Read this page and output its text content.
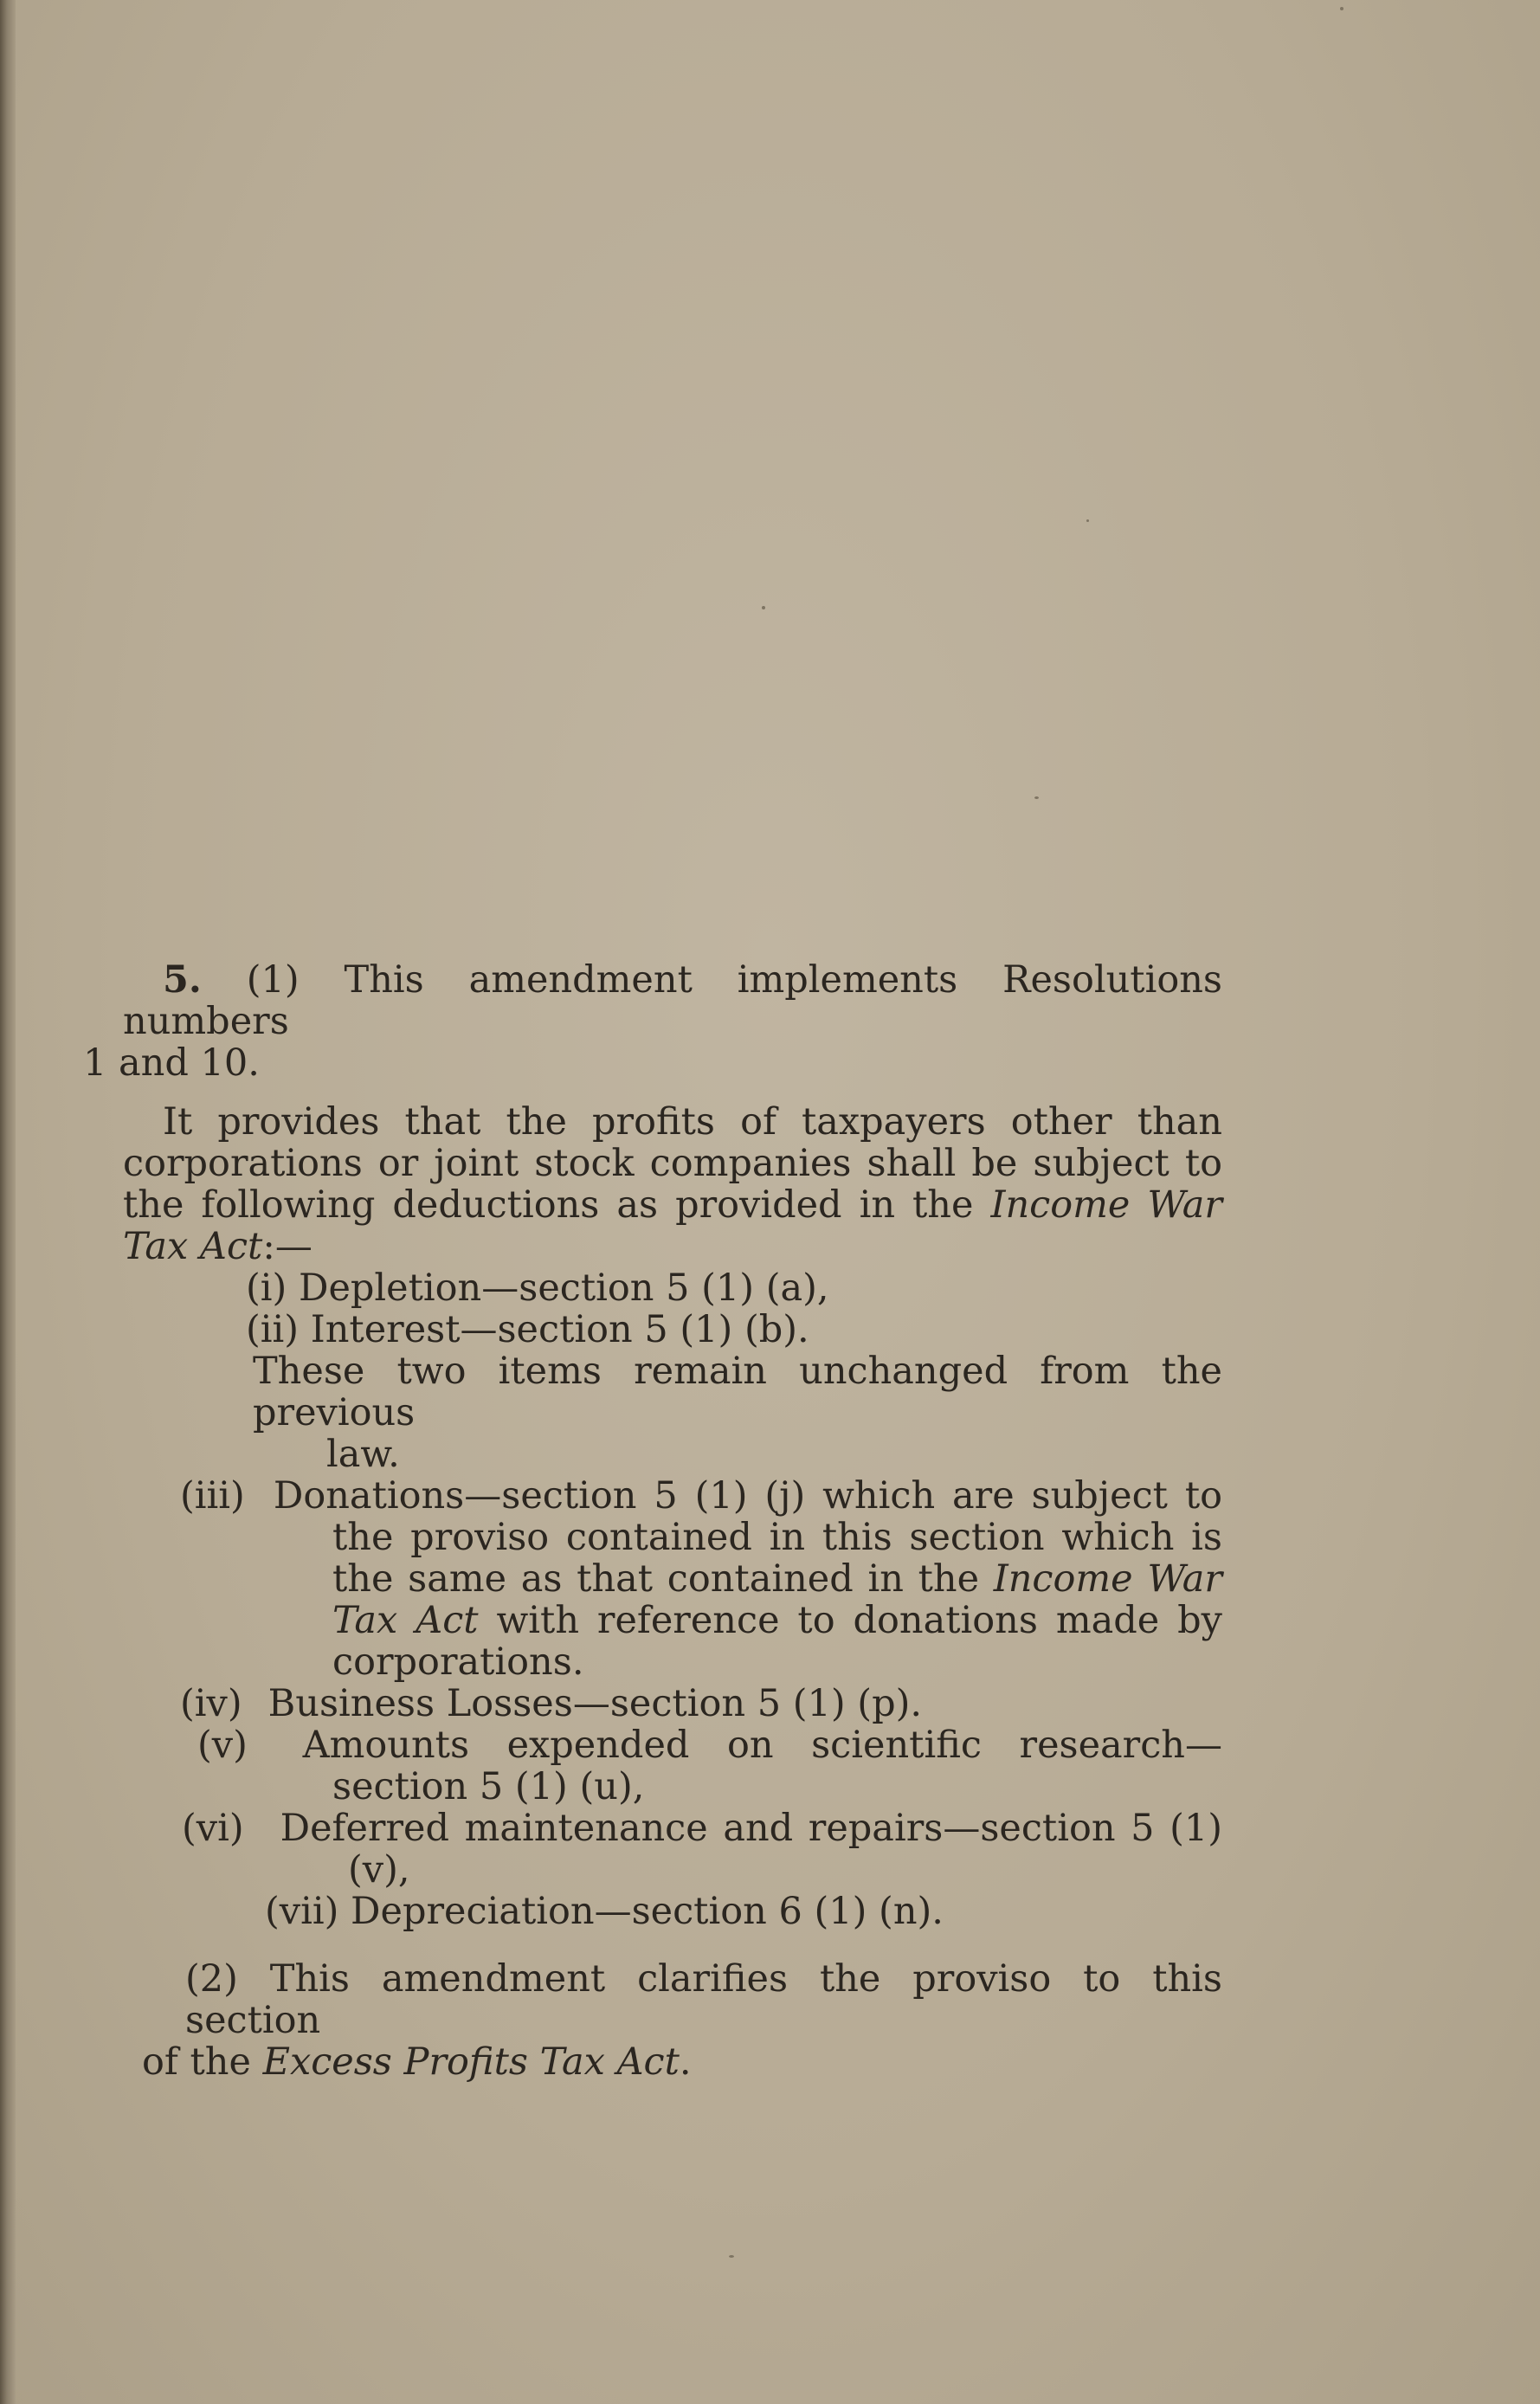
5. (1) This amendment implements Resolutions numbers
1 and 10.

It provides that the profits of taxpayers other than corporations or joint stock companies shall be subject to the following deductions as provided in the Income War Tax Act:—

(i) Depletion—section 5 (1) (a),
(ii) Interest—section 5 (1) (b).
These two items remain unchanged from the previous
law.
(iii) Donations—section 5 (1) (j) which are subject to the proviso contained in this section which is the same as that contained in the Income War Tax Act with reference to donations made by corporations.
(iv) Business Losses—section 5 (1) (p).
(v) Amounts expended on scientific research—section 5 (1) (u),
(vi) Deferred maintenance and repairs—section 5 (1) (v),
(vii) Depreciation—section 6 (1) (n).

(2) This amendment clarifies the proviso to this section
of the Excess Profits Tax Act.
